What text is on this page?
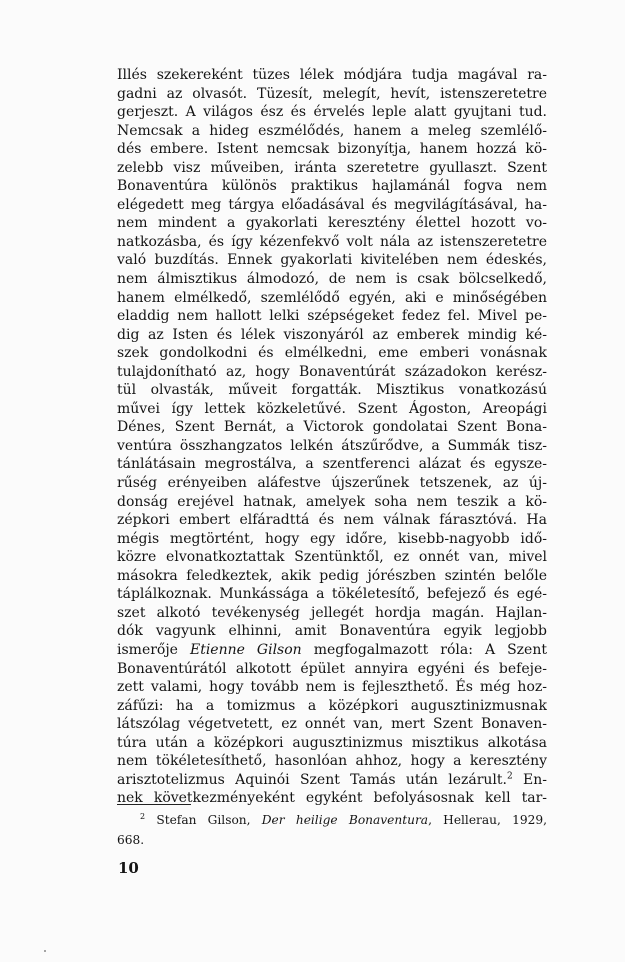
Illés szekereként tüzes lélek módjára tudja magával ra-
gadni az olvasót. Tüzesít, melegít, hevít, istenszeretetre
gerjeszt. A világos ész és érvelés leple alatt gyujtani tud.
Nemcsak a hideg eszmélődés, hanem a meleg szemlélő-
dés embere. Istent nemcsak bizonyítja, hanem hozzá kö-
zelebb visz műveiben, iránta szeretetre gyullaszt. Szent
Bonaventúra különös praktikus hajlamánál fogva nem
elégedett meg tárgya előadásával és megvilágításával, ha-
nem mindent a gyakorlati keresztény élettel hozott vo-
natkozásba, és így kézenfekvő volt nála az istenszeretetre
való buzdítás. Ennek gyakorlati kivitelében nem édeskés,
nem álmisztikus álmodozó, de nem is csak bölcselkedő,
hanem elmélkedő, szemlélődő egyén, aki e minőségében
eladdig nem hallott lelki szépségeket fedez fel. Mivel pe-
dig az Isten és lélek viszonyáról az emberek mindig ké-
szek gondolkodni és elmélkedni, eme emberi vonásnak
tulajdonítható az, hogy Bonaventúrát századokon kerész-
tül olvasták, műveit forgatták. Misztikus vonatkozású
művei így lettek közkeletűvé. Szent Ágoston, Areopági
Dénes, Szent Bernát, a Victorok gondolatai Szent Bona-
ventúra összhangzatos lelkén átszűrődve, a Summák tisz-
tánlátásain megrostálva, a szentferenci alázat és egysze-
rűség erényeiben aláfestve újszerűnek tetszenek, az új-
donság erejével hatnak, amelyek soha nem teszik a kö-
zépkori embert elfáradttá és nem válnak fárasztóvá. Ha
mégis megtörtént, hogy egy időre, kisebb-nagyobb idő-
közre elvonatkoztattak Szentünktől, ez onnét van, mivel
másokra feledkeztek, akik pedig jórészben szintén belőle
táplálkoznak. Munkássága a tökéletesítő, befejező és egé-
szet alkotó tevékenység jellegét hordja magán. Hajlan-
dók vagyunk elhinni, amit Bonaventúra egyik legjobb
ismerője Etienne Gilson megfogalmazott róla: A Szent
Bonaventúrától alkotott épület annyira egyéni és befeje-
zett valami, hogy tovább nem is fejleszthető. És még hoz-
záfűzi: ha a tomizmus a középkori augusztinizmusnak
látszólag végetvetett, ez onnét van, mert Szent Bonaven-
túra után a középkori augusztinizmus misztikus alkotása
nem tökéletesíthető, hasonlóan ahhoz, hogy a keresztény
arisztotelizmus Aquinói Szent Tamás után lezárult.$^2$ En-
nek következményeként egyként befolyásosnak kell tar-
$^2$ Stefan Gilson, Der heilige Bonaventura, Hellerau, 1929,
668.
10
